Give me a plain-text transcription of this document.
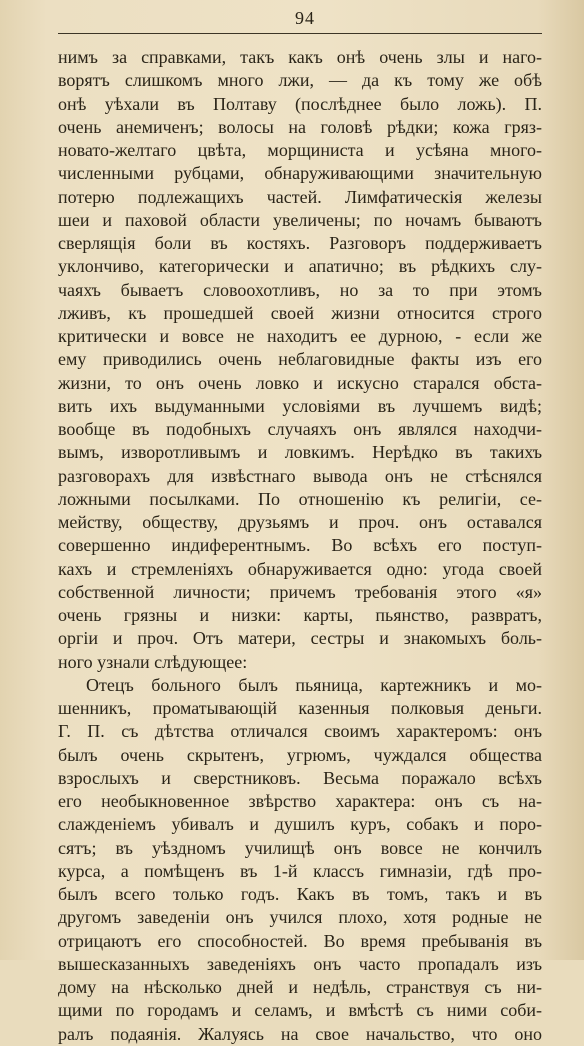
94
нимъ за справками, такъ какъ онѣ очень злы и наго-
ворятъ слишкомъ много лжи, — да къ тому же обѣ
онѣ уѣхали въ Полтаву (послѣднее было ложь). П.
очень анемиченъ; волосы на головѣ рѣдки; кожа гряз-
новато-желтаго цвѣта, морщиниста и усѣяна много-
численными рубцами, обнаруживающими значительную
потерю подлежащихъ частей. Лимфатическія железы
шеи и паховой области увеличены; по ночамъ бываютъ
сверлящія боли въ костяхъ. Разговоръ поддерживаетъ
уклончиво, категорически и апатично; въ рѣдкихъ слу-
чаяхъ бываетъ словоохотливъ, но за то при этомъ
лживъ, къ прошедшей своей жизни относится строго
критически и вовсе не находитъ ее дурною, - если же
ему приводились очень неблаговидные факты изъ его
жизни, то онъ очень ловко и искусно старался обста-
вить ихъ выдуманными условіями въ лучшемъ видѣ;
вообще въ подобныхъ случаяхъ онъ являлся находчи-
вымъ, изворотливымъ и ловкимъ. Нерѣдко въ такихъ
разговорахъ для извѣстнаго вывода онъ не стѣснялся
ложными посылками. По отношенію къ религіи, се-
мейству, обществу, друзьямъ и проч. онъ оставался
совершенно индиферентнымъ. Во всѣхъ его поступ-
кахъ и стремленіяхъ обнаруживается одно: угода своей
собственной личности; причемъ требованія этого «я»
очень грязны и низки: карты, пьянство, развратъ,
оргіи и проч. Отъ матери, сестры и знакомыхъ боль-
ного узнали слѣдующее:
Отецъ больного былъ пьяница, картежникъ и мо-
шенникъ, проматывающій казенныя полковыя деньги.
Г. П. съ дѣтства отличался своимъ характеромъ: онъ
былъ очень скрытенъ, угрюмъ, чуждался общества
взрослыхъ и сверстниковъ. Весьма поражало всѣхъ
его необыкновенное звѣрство характера: онъ съ на-
слажденіемъ убивалъ и душилъ куръ, собакъ и поро-
сятъ; въ уѣздномъ училищѣ онъ вовсе не кончилъ
курса, а помѣщенъ въ 1-й классъ гимназіи, гдѣ про-
былъ всего только годъ. Какъ въ томъ, такъ и въ
другомъ заведеніи онъ учился плохо, хотя родные не
отрицаютъ его способностей. Во время пребыванія въ
вышесказанныхъ заведеніяхъ онъ часто пропадалъ изъ
дому на нѣсколько дней и недѣль, странствуя съ ни-
щими по городамъ и селамъ, и вмѣстѣ съ ними соби-
ралъ подаянія. Жалуясь на свое начальство, что оно
